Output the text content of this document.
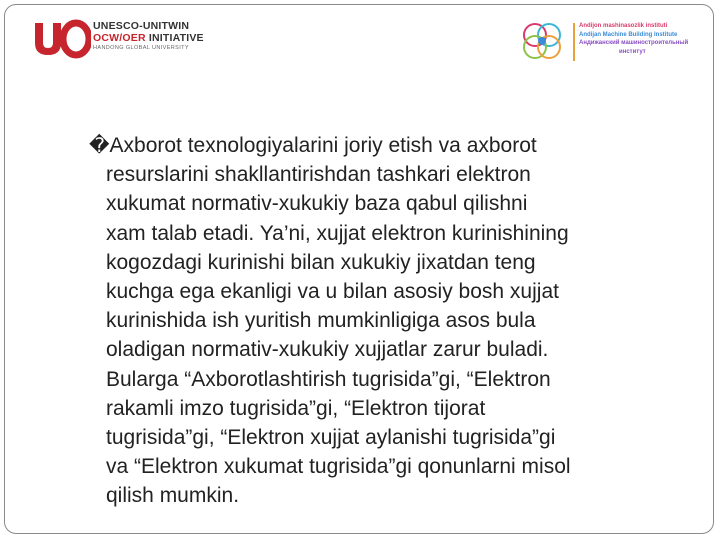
UNESCO-UNITWIN
OCW/OER INITIATIVE
HANDONG GLOBAL UNIVERSITY
Andijon mashinasozlik instituti
Andijan Machine Building Institute
Андижанский машиностроительный
институт
�Axborot texnologiyalarini joriy etish va axborot
resurslarini shakllantirishdan tashkari elektron
xukumat normativ-xukukiy baza qabul qilishni
xam talab etadi. Ya’ni, xujjat elektron kurinishining
kogozdagi kurinishi bilan xukukiy jixatdan teng
kuchga ega ekanligi va u bilan asosiy bosh xujjat
kurinishida ish yuritish mumkinligiga asos bula
oladigan normativ-xukukiy xujjatlar zarur buladi.
Bularga “Axborotlashtirish tugrisida”gi, “Elektron
rakamli imzo tugrisida”gi, “Elektron tijorat
tugrisida”gi, “Elektron xujjat aylanishi tugrisida”gi
va “Elektron xukumat tugrisida”gi qonunlarni misol
qilish mumkin.
